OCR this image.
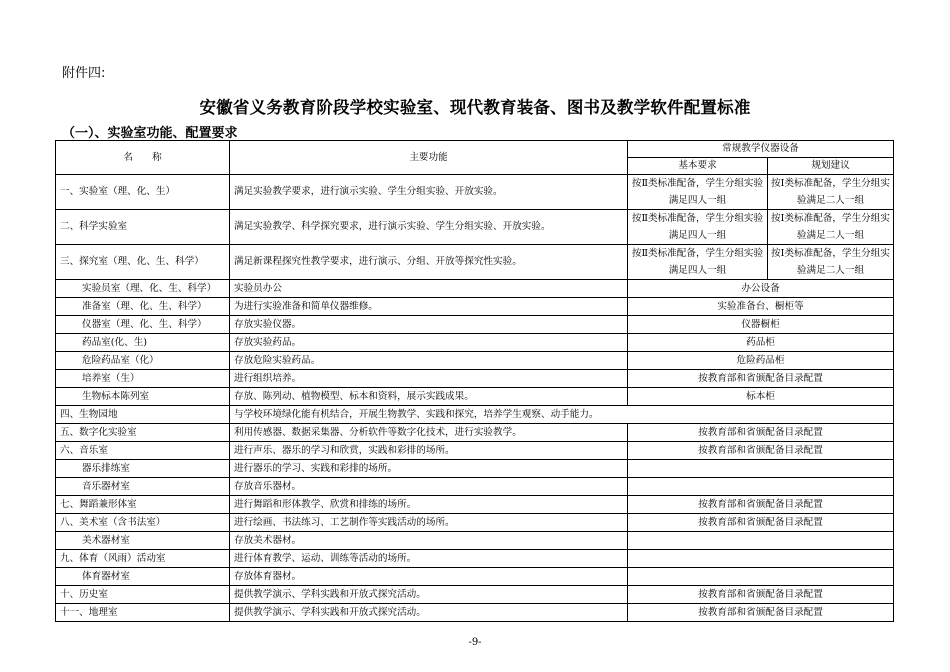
附件四:
安徽省义务教育阶段学校实验室、现代教育装备、图书及教学软件配置标准
（一）、实验室功能、配置要求
名　　称	主要功能	常规教学仪器设备	
		基本要求	规划建议
一、实验室（理、化、生）	满足实验教学要求，进行演示实验、学生分组实验、开放实验。	按Ⅱ类标准配备，学生分组实验满足四人一组	按Ⅰ类标准配备，学生分组实验满足二人一组
二、科学实验室	满足实验教学、科学探究要求，进行演示实验、学生分组实验、开放实验。	按Ⅱ类标准配备，学生分组实验满足四人一组	按Ⅰ类标准配备，学生分组实验满足二人一组
三、探究室（理、化、生、科学）	满足新课程探究性教学要求，进行演示、分组、开放等探究性实验。	按Ⅱ类标准配备，学生分组实验满足四人一组	按Ⅰ类标准配备，学生分组实验满足二人一组
实验员室（理、化、生、科学）	实验员办公	办公设备	
准备室（理、化、生、科学）	为进行实验准备和简单仪器维修。	实验准备台、橱柜等	
仪器室（理、化、生、科学）	存放实验仪器。	仪器橱柜	
药品室(化、生)	存放实验药品。	药品柜	
危险药品室（化）	存放危险实验药品。	危险药品柜	
培养室（生）	进行组织培养。	按教育部和省颁配备目录配置	
生物标本陈列室	存放、陈列动、植物模型、标本和资料，展示实践成果。	标本柜	
四、生物园地	与学校环境绿化能有机结合，开展生物教学、实践和探究，培养学生观察、动手能力。		
五、数字化实验室	利用传感器、数据采集器、分析软件等数字化技术，进行实验教学。	按教育部和省颁配备目录配置	
六、音乐室	进行声乐、器乐的学习和欣赏，实践和彩排的场所。	按教育部和省颁配备目录配置	
器乐排练室	进行器乐的学习、实践和彩排的场所。		
音乐器材室	存放音乐器材。		
七、舞蹈兼形体室	进行舞蹈和形体教学、欣赏和排练的场所。	按教育部和省颁配备目录配置	
八、美术室（含书法室）	进行绘画、书法练习、工艺制作等实践活动的场所。	按教育部和省颁配备目录配置	
美术器材室	存放美术器材。		
九、体育（风雨）活动室	进行体育教学、运动、训练等活动的场所。		
体育器材室	存放体育器材。		
十、历史室	提供教学演示、学科实践和开放式探究活动。	按教育部和省颁配备目录配置	
十一、地理室	提供教学演示、学科实践和开放式探究活动。	按教育部和省颁配备目录配置	
-9-
